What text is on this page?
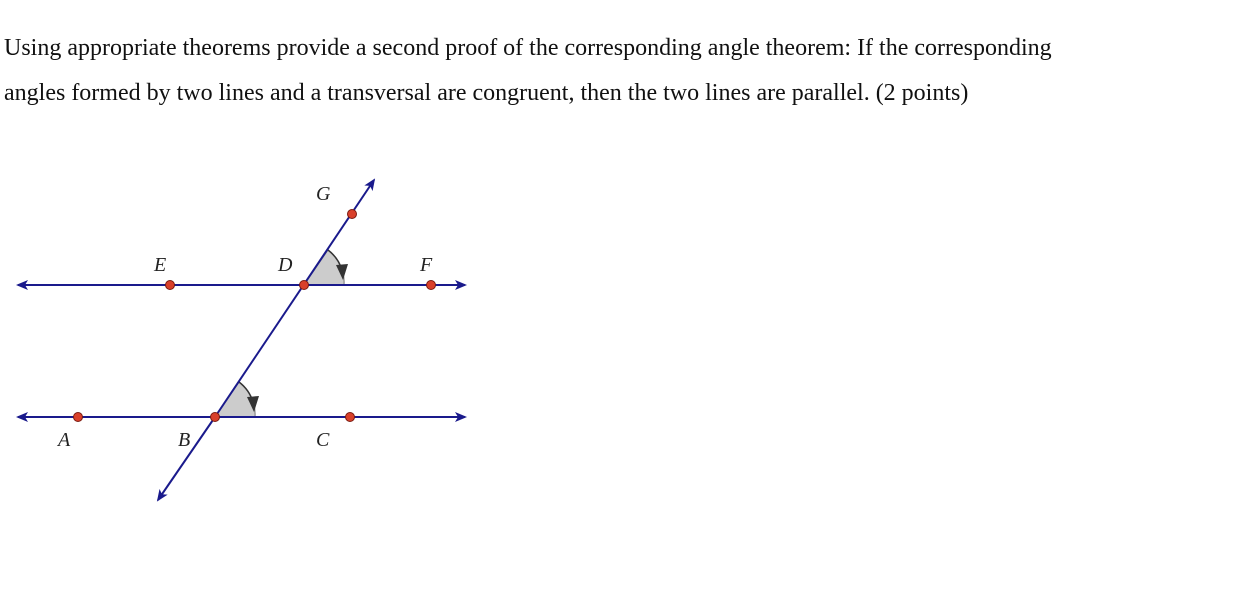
Using appropriate theorems provide a second proof of the corresponding angle theorem: If the corresponding
angles formed by two lines and a transversal are congruent, then the two lines are parallel. (2 points)

G
E	D	F
A	B	C
